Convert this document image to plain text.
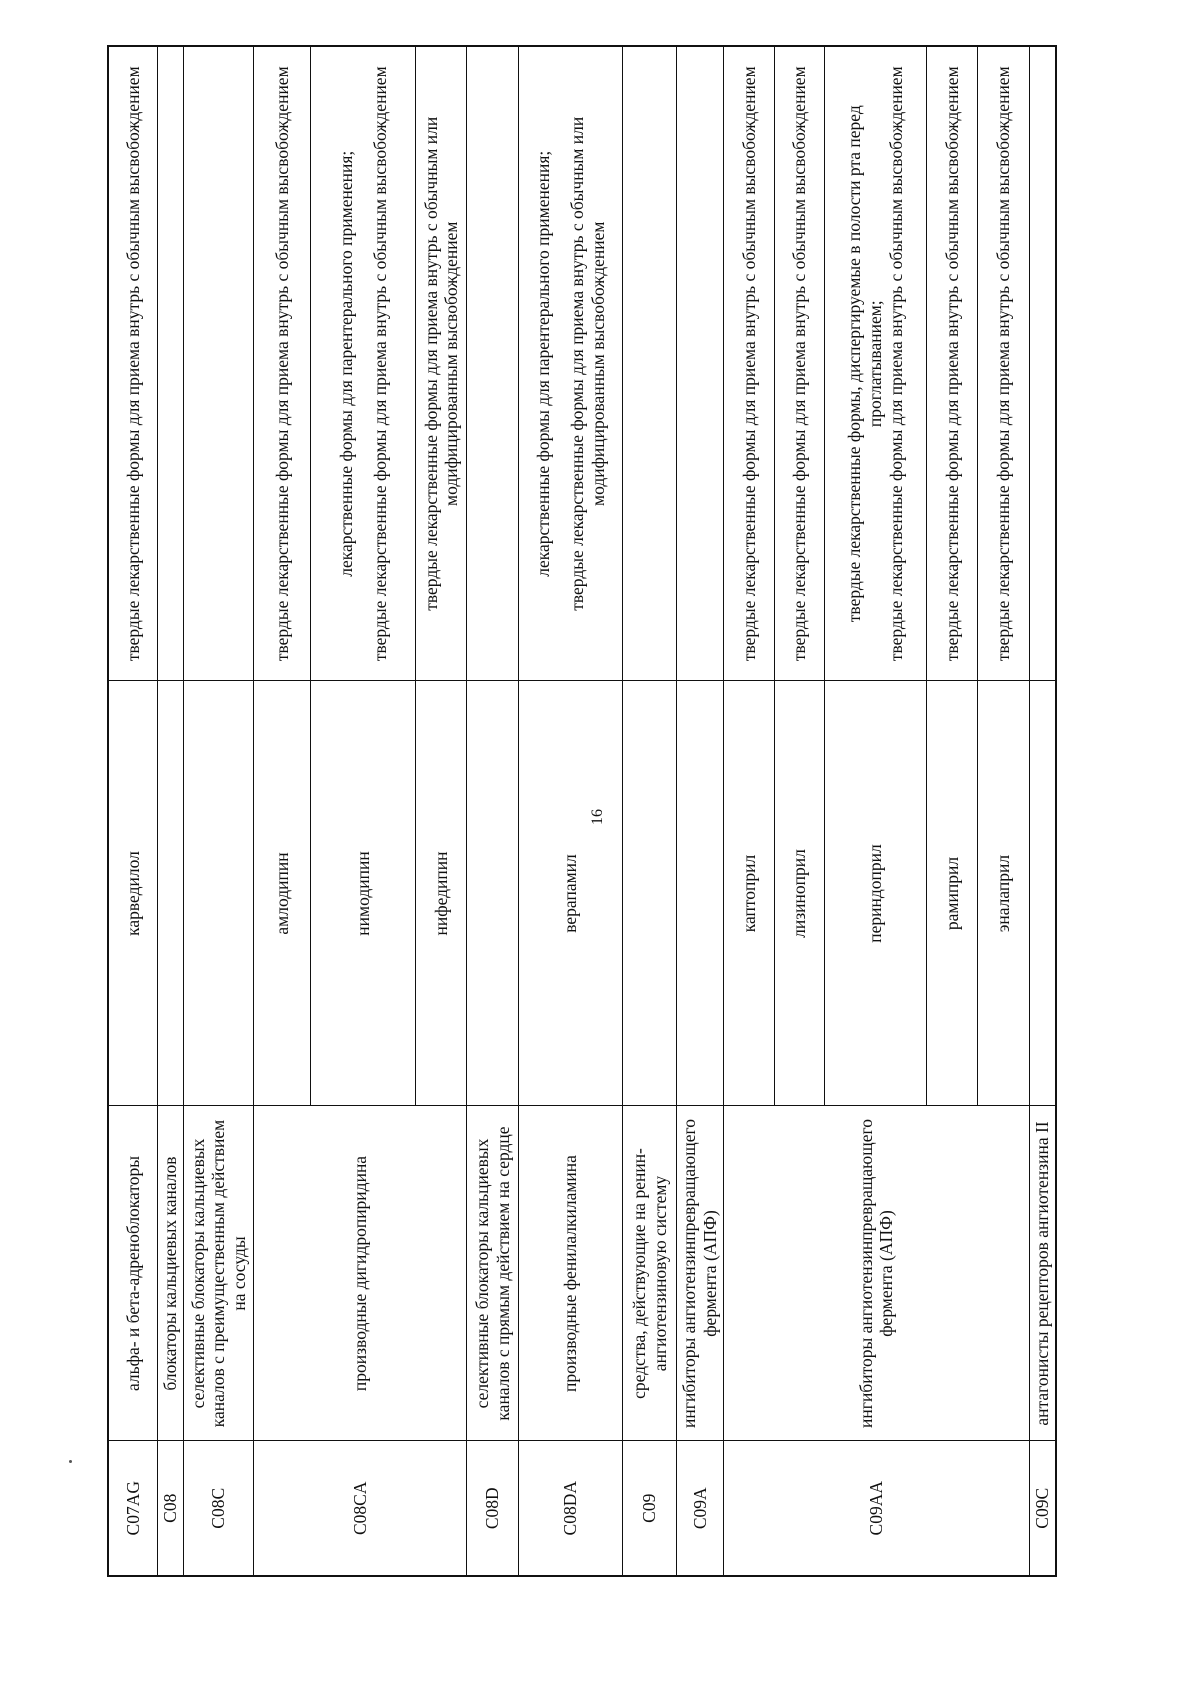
16
C07AG	альфа- и бета-адреноблокаторы	карведилол	твердые лекарственные формы для приема внутрь с обычным высвобождением

C08	блокаторы кальциевых каналов		
C08C	селективные блокаторы кальциевых каналов с преимущественным действием на сосуды		
C08CA	производные дигидропиридина	амлодипин	твердые лекарственные формы для приема внутрь с обычным высвобождением

		нимодипин	лекарственные формы для парентерального применения; твердые лекарственные формы для приема внутрь с обычным высвобождением

		нифедипин	твердые лекарственные формы для приема внутрь с обычным или модифицированным высвобождением

C08D	селективные блокаторы кальциевых каналов с прямым действием на сердце		
C08DA	производные фенилалкиламина	верапамил	лекарственные формы для парентерального применения; твердые лекарственные формы для приема внутрь с обычным или модифицированным высвобождением

C09	средства, действующие на ренин-ангиотензиновую систему		
C09A	ингибиторы ангиотензинпревращающего фермента (АПФ)		
C09AA	ингибиторы ангиотензинпревращающего фермента (АПФ)	каптоприл	твердые лекарственные формы для приема внутрь с обычным высвобождением

		лизиноприл	твердые лекарственные формы для приема внутрь с обычным высвобождением

		периндоприл	твердые лекарственные формы, диспергируемые в полости рта перед проглатыванием; твердые лекарственные формы для приема внутрь с обычным высвобождением

		рамиприл	твердые лекарственные формы для приема внутрь с обычным высвобождением

		эналаприл	твердые лекарственные формы для приема внутрь с обычным высвобождением

C09C	антагонисты рецепторов ангиотензина II		
